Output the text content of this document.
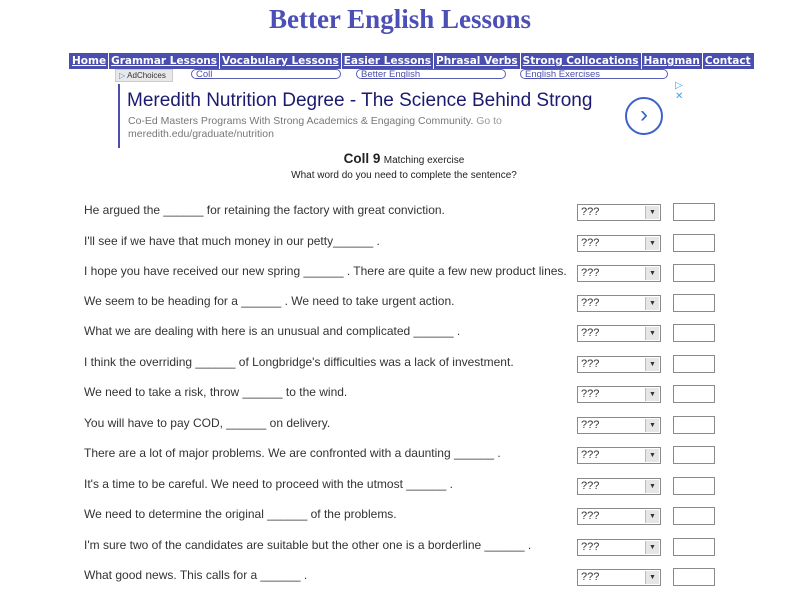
Better English Lessons
Home Grammar Lessons Vocabulary Lessons Easier Lessons Phrasal Verbs Strong Collocations Hangman Contact
▷ AdChoices	Coll	Better English	English Exercises
Meredith Nutrition Degree - The Science Behind Strong
Co-Ed Masters Programs With Strong Academics & Engaging Community. Go to
meredith.edu/graduate/nutrition
›
▷
✕
Coll 9 Matching exercise
What word do you need to complete the sentence?
He argued the ______ for retaining the factory with great conviction.	???	▼
I'll see if we have that much money in our petty______ .	???	▼
I hope you have received our new spring ______ . There are quite a few new product lines. ???	▼
We seem to be heading for a ______ . We need to take urgent action.	???	▼
What we are dealing with here is an unusual and complicated ______ .	???	▼
I think the overriding ______ of Longbridge's difficulties was a lack of investment.	???	▼
We need to take a risk, throw ______ to the wind.	???	▼
You will have to pay COD, ______ on delivery.	???	▼
There are a lot of major problems. We are confronted with a daunting ______ .	???	▼
It's a time to be careful. We need to proceed with the utmost ______ .	???	▼
We need to determine the original ______ of the problems.	???	▼
I'm sure two of the candidates are suitable but the other one is a borderline ______ .	???	▼
What good news. This calls for a ______ .	???	▼
